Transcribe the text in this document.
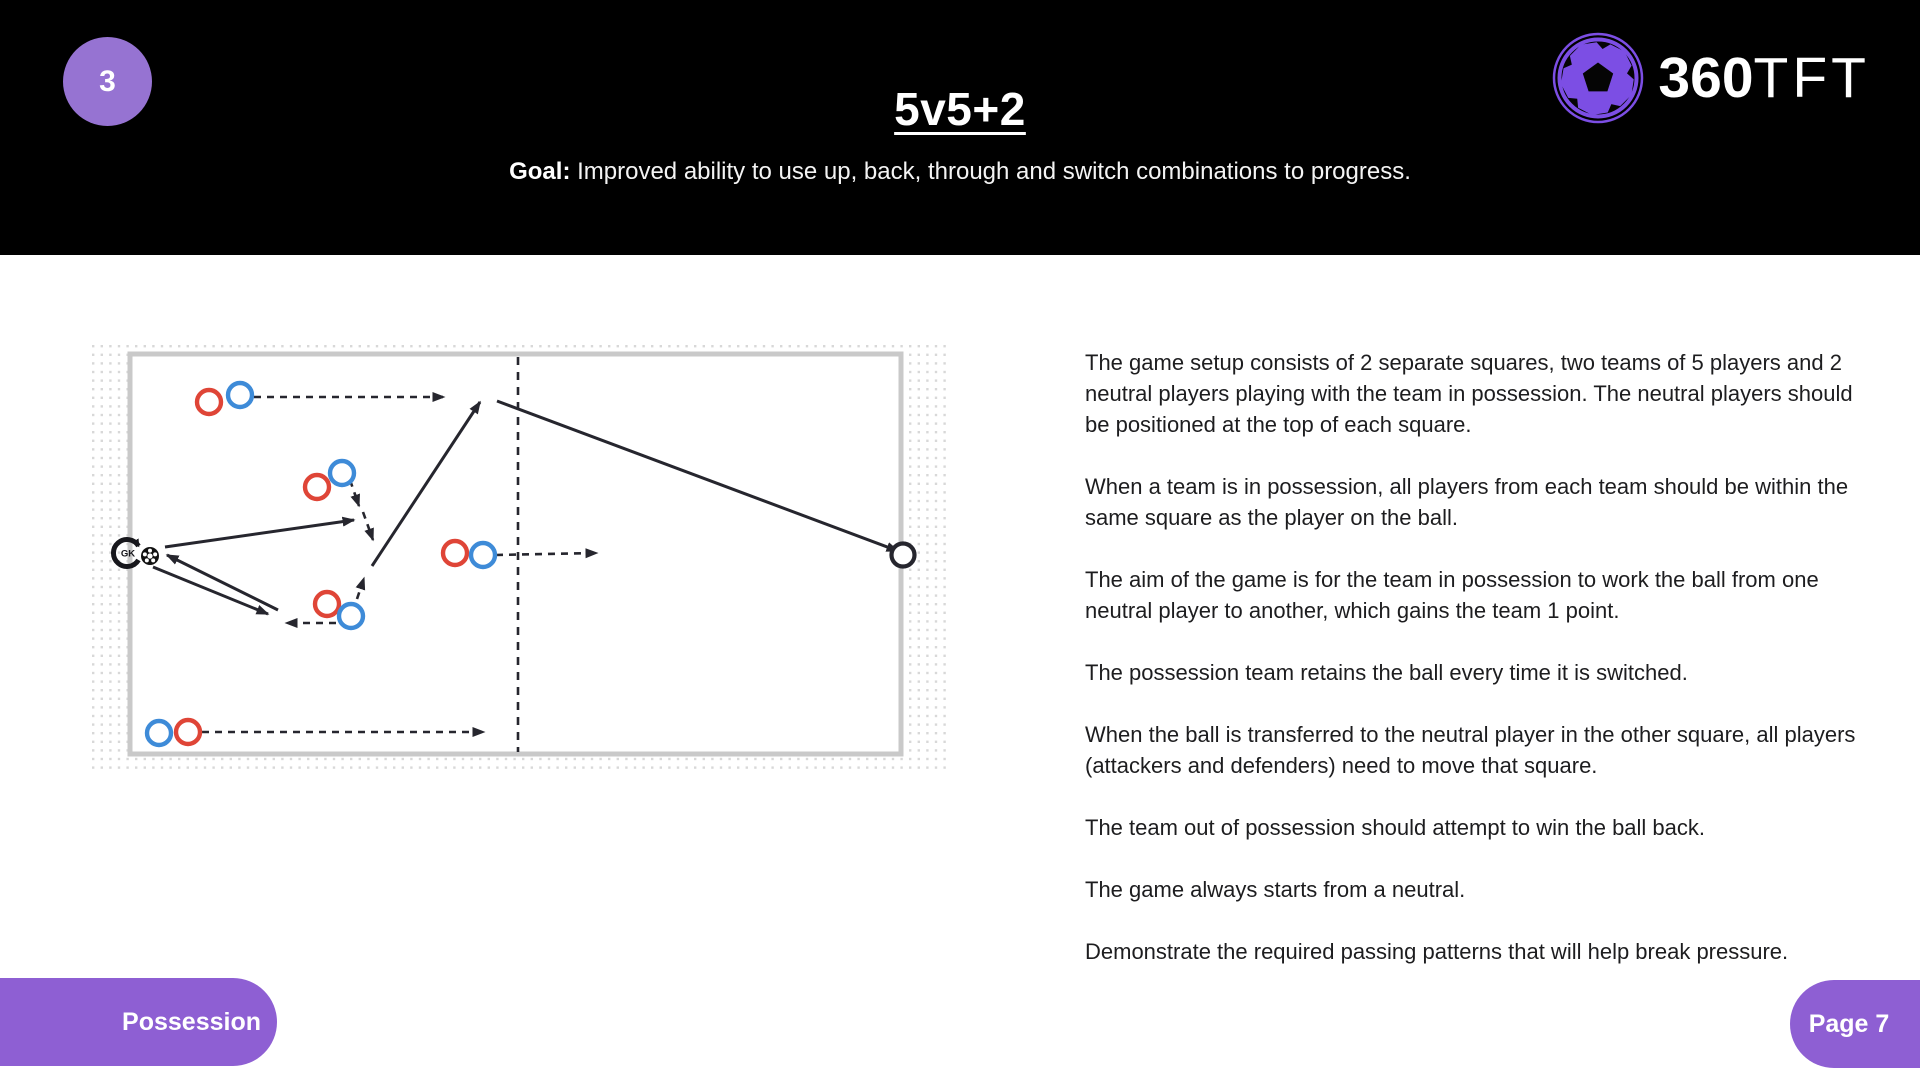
3
5v5+2

Goal: Improved ability to use up, back, through and switch combinations to progress.

360TFT
GK

The game setup consists of 2 separate squares, two teams of 5 players and 2 neutral players playing with the team in possession. The neutral players should be positioned at the top of each square.

When a team is in possession, all players from each team should be within the same square as the player on the ball.

The aim of the game is for the team in possession to work the ball from one neutral player to another, which gains the team 1 point.

The possession team retains the ball every time it is switched.

When the ball is transferred to the neutral player in the other square, all players (attackers and defenders) need to move that square.

The team out of possession should attempt to win the ball back.

The game always starts from a neutral.

Demonstrate the required passing patterns that will help break pressure.

Possession	Page 7
